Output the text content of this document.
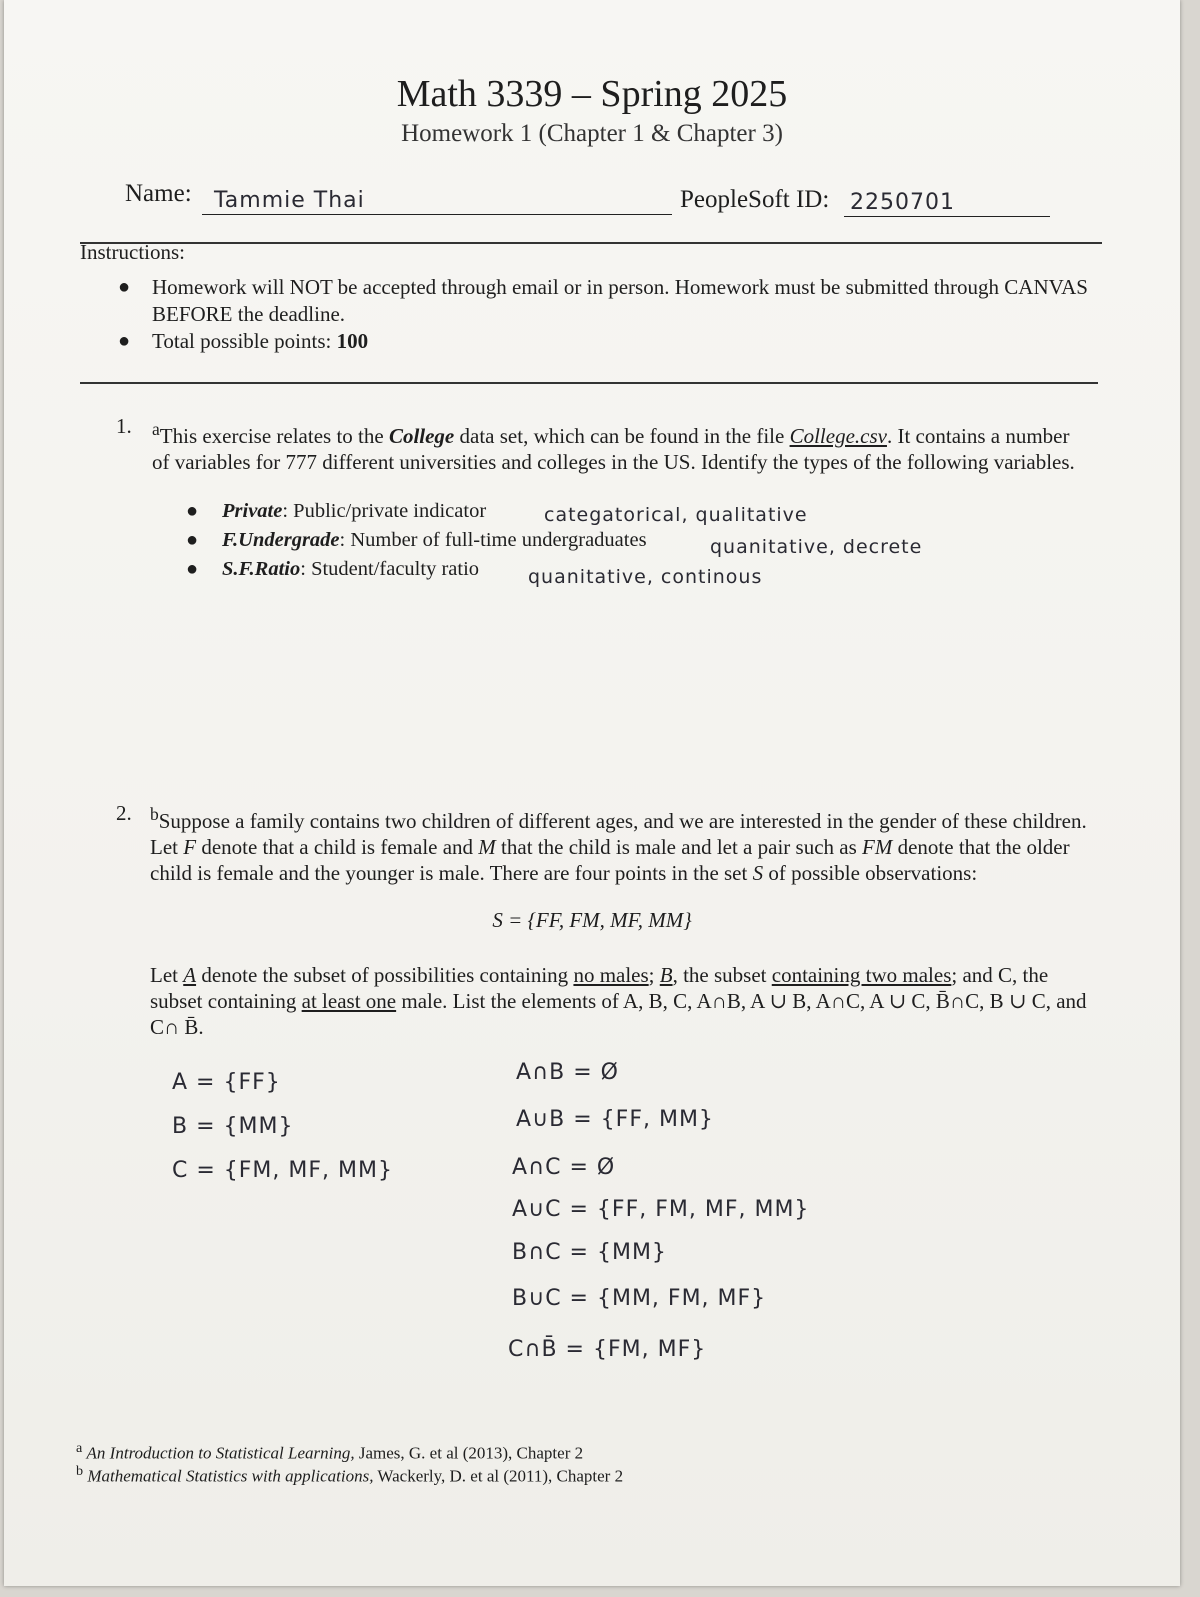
Math 3339 – Spring 2025
Homework 1 (Chapter 1 & Chapter 3)
Name: Tammie Thai	PeopleSoft ID: 2250701
Instructions:
● Homework will NOT be accepted through email or in person. Homework must be submitted through CANVAS BEFORE the deadline.
● Total possible points: 100
1. $^a$This exercise relates to the College data set, which can be found in the file College.csv. It contains a number of variables for 777 different universities and colleges in the US. Identify the types of the following variables.
● Private: Public/private indicator	categatorical, qualitative
● F.Undergrade: Number of full-time undergraduates	quanitative, decrete
● S.F.Ratio: Student/faculty ratio	quanitative, continous
2. $^b$Suppose a family contains two children of different ages, and we are interested in the gender of these children. Let F denote that a child is female and M that the child is male and let a pair such as FM denote that the older child is female and the younger is male. There are four points in the set S of possible observations:
S = {FF, FM, MF, MM}
Let A denote the subset of possibilities containing no males; B, the subset containing two males; and C, the subset containing at least one male. List the elements of A, B, C, A∩B, A ∪ B, A∩C, A ∪ C, B̄∩C, B ∪ C, and C∩ B̄.
A = {FF}
B = {MM}
C = {FM, MF, MM}
A∩B = Ø
A∪B = {FF, MM}
A∩C = Ø
A∪C = {FF, FM, MF, MM}
B∩C = {MM}
B∪C = {MM, FM, MF}
C∩B̄ = {FM, MF}
$^a$ An Introduction to Statistical Learning, James, G. et al (2013), Chapter 2
$^b$ Mathematical Statistics with applications, Wackerly, D. et al (2011), Chapter 2
